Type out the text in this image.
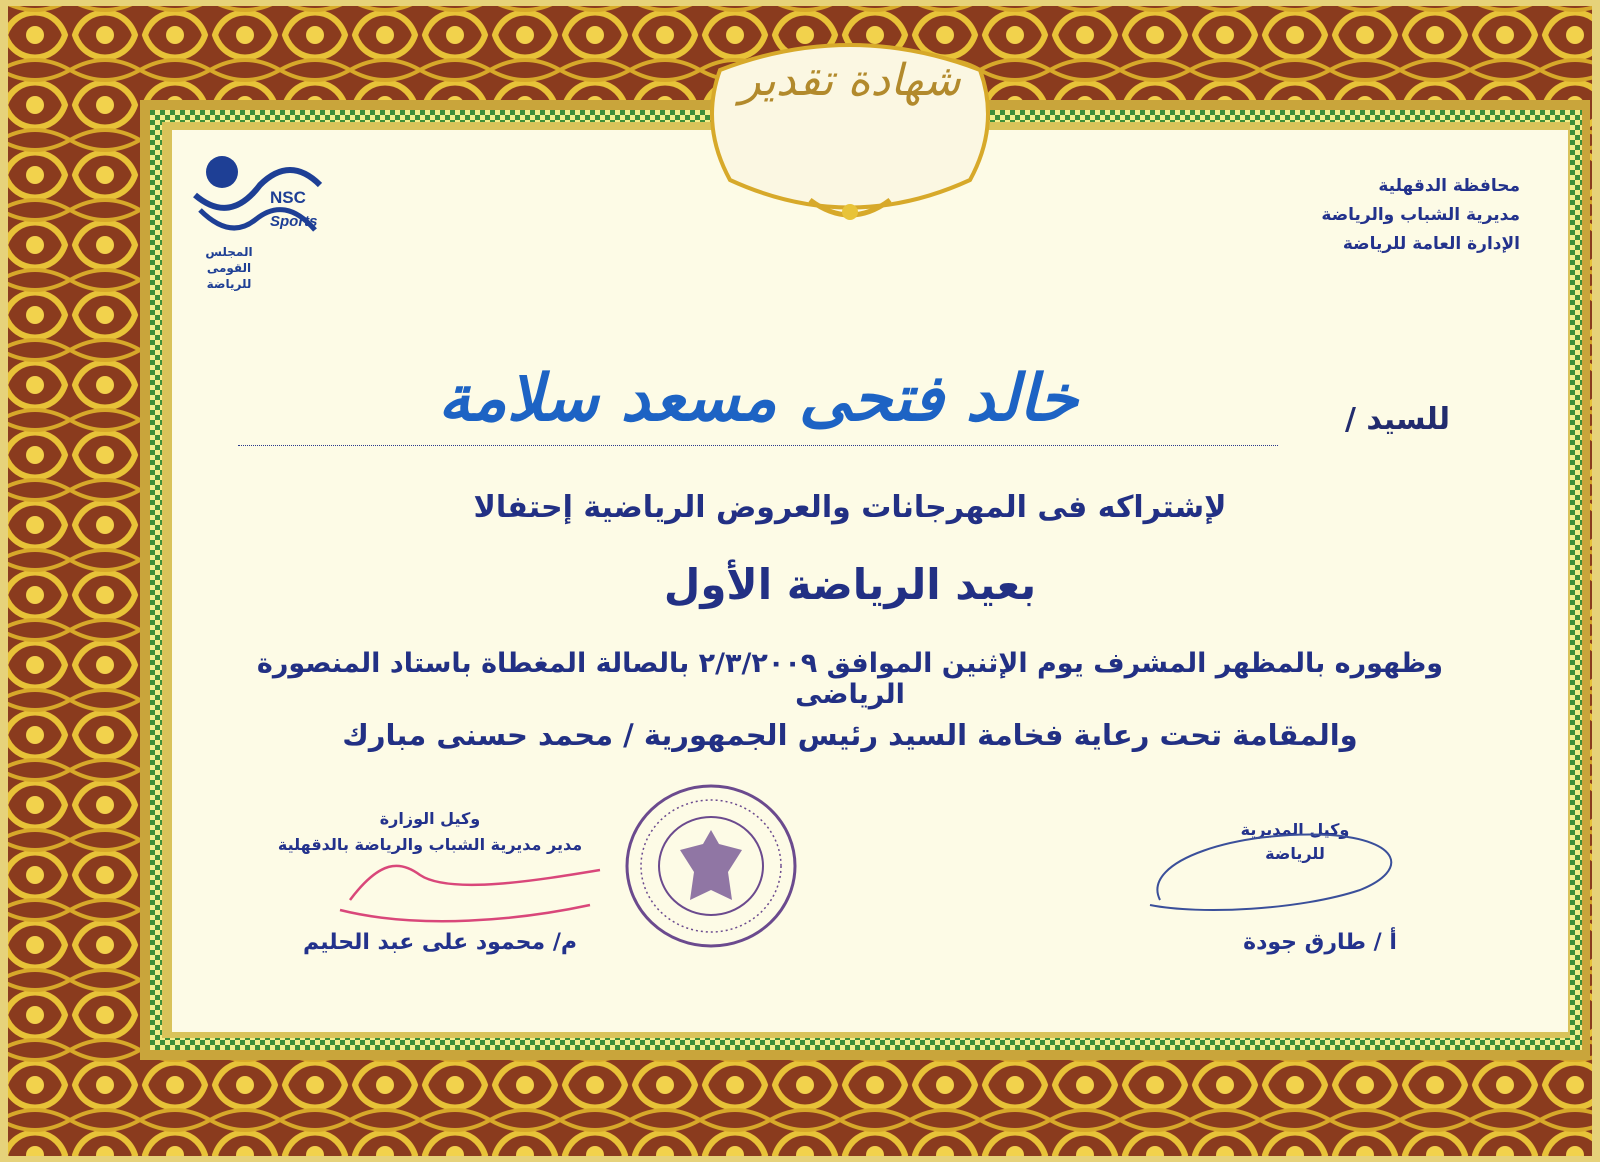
شهادة تقدير
NSC
Sports
المجلس
القومى
للرياضة
محافظة الدقهلية
مديرية الشباب والرياضة
الإدارة العامة للرياضة
للسيد /
خالد فتحى مسعد سلامة
لإشتراكه فى المهرجانات والعروض الرياضية إحتفالا
بعيد الرياضة الأول
وظهوره بالمظهر المشرف يوم الإثنين الموافق ٢/٣/٢٠٠٩ بالصالة المغطاة باستاد المنصورة الرياضى
والمقامة تحت رعاية فخامة السيد رئيس الجمهورية / محمد حسنى مبارك
وكيل المديرية
للرياضة
وكيل الوزارة
مدير مديرية الشباب والرياضة بالدقهلية
أ / طارق جودة
م/ محمود على عبد الحليم
